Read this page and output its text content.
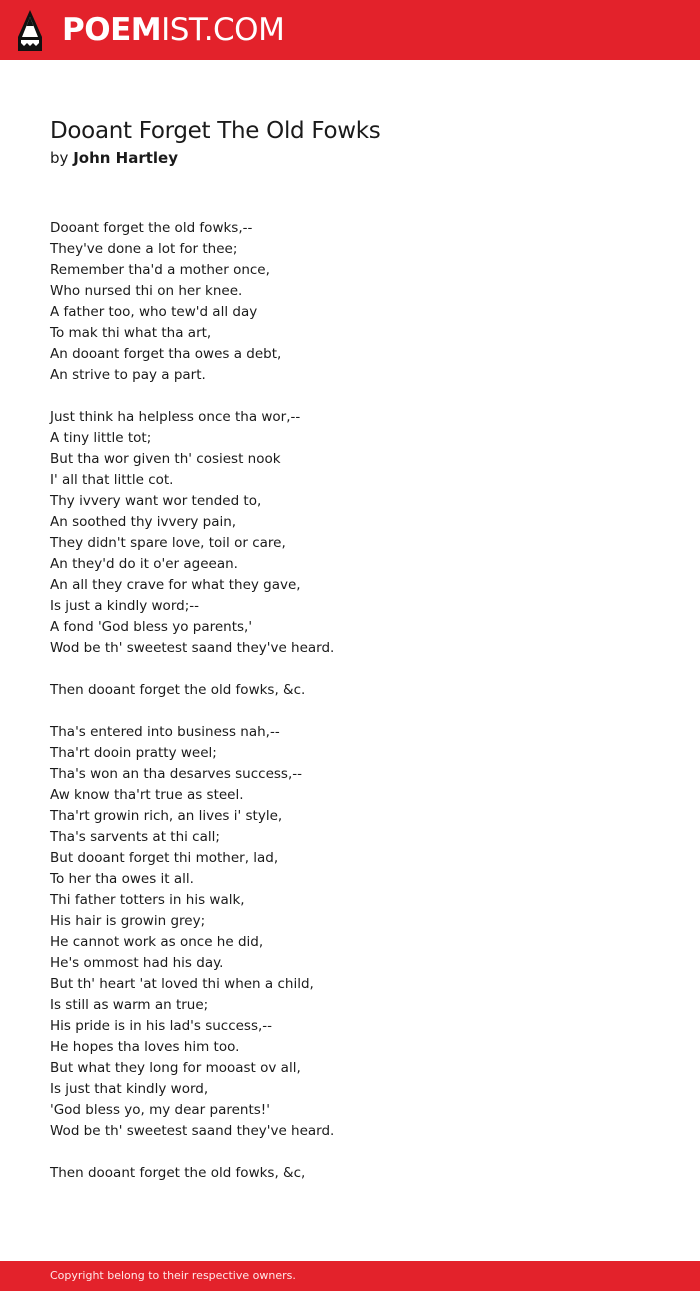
POEMIST.COM
Dooant Forget The Old Fowks
by John Hartley
Dooant forget the old fowks,--
They've done a lot for thee;
Remember tha'd a mother once,
Who nursed thi on her knee.
A father too, who tew'd all day
To mak thi what tha art,
An dooant forget tha owes a debt,
An strive to pay a part.
Just think ha helpless once tha wor,--
A tiny little tot;
But tha wor given th' cosiest nook
I' all that little cot.
Thy ivvery want wor tended to,
An soothed thy ivvery pain,
They didn't spare love, toil or care,
An they'd do it o'er ageean.
An all they crave for what they gave,
Is just a kindly word;--
A fond 'God bless yo parents,'
Wod be th' sweetest saand they've heard.
Then dooant forget the old fowks, &c.
Tha's entered into business nah,--
Tha'rt dooin pratty weel;
Tha's won an tha desarves success,--
Aw know tha'rt true as steel.
Tha'rt growin rich, an lives i' style,
Tha's sarvents at thi call;
But dooant forget thi mother, lad,
To her tha owes it all.
Thi father totters in his walk,
His hair is growin grey;
He cannot work as once he did,
He's ommost had his day.
But th' heart 'at loved thi when a child,
Is still as warm an true;
His pride is in his lad's success,--
He hopes tha loves him too.
But what they long for mooast ov all,
Is just that kindly word,
'God bless yo, my dear parents!'
Wod be th' sweetest saand they've heard.
Then dooant forget the old fowks, &c,
Copyright belong to their respective owners.
